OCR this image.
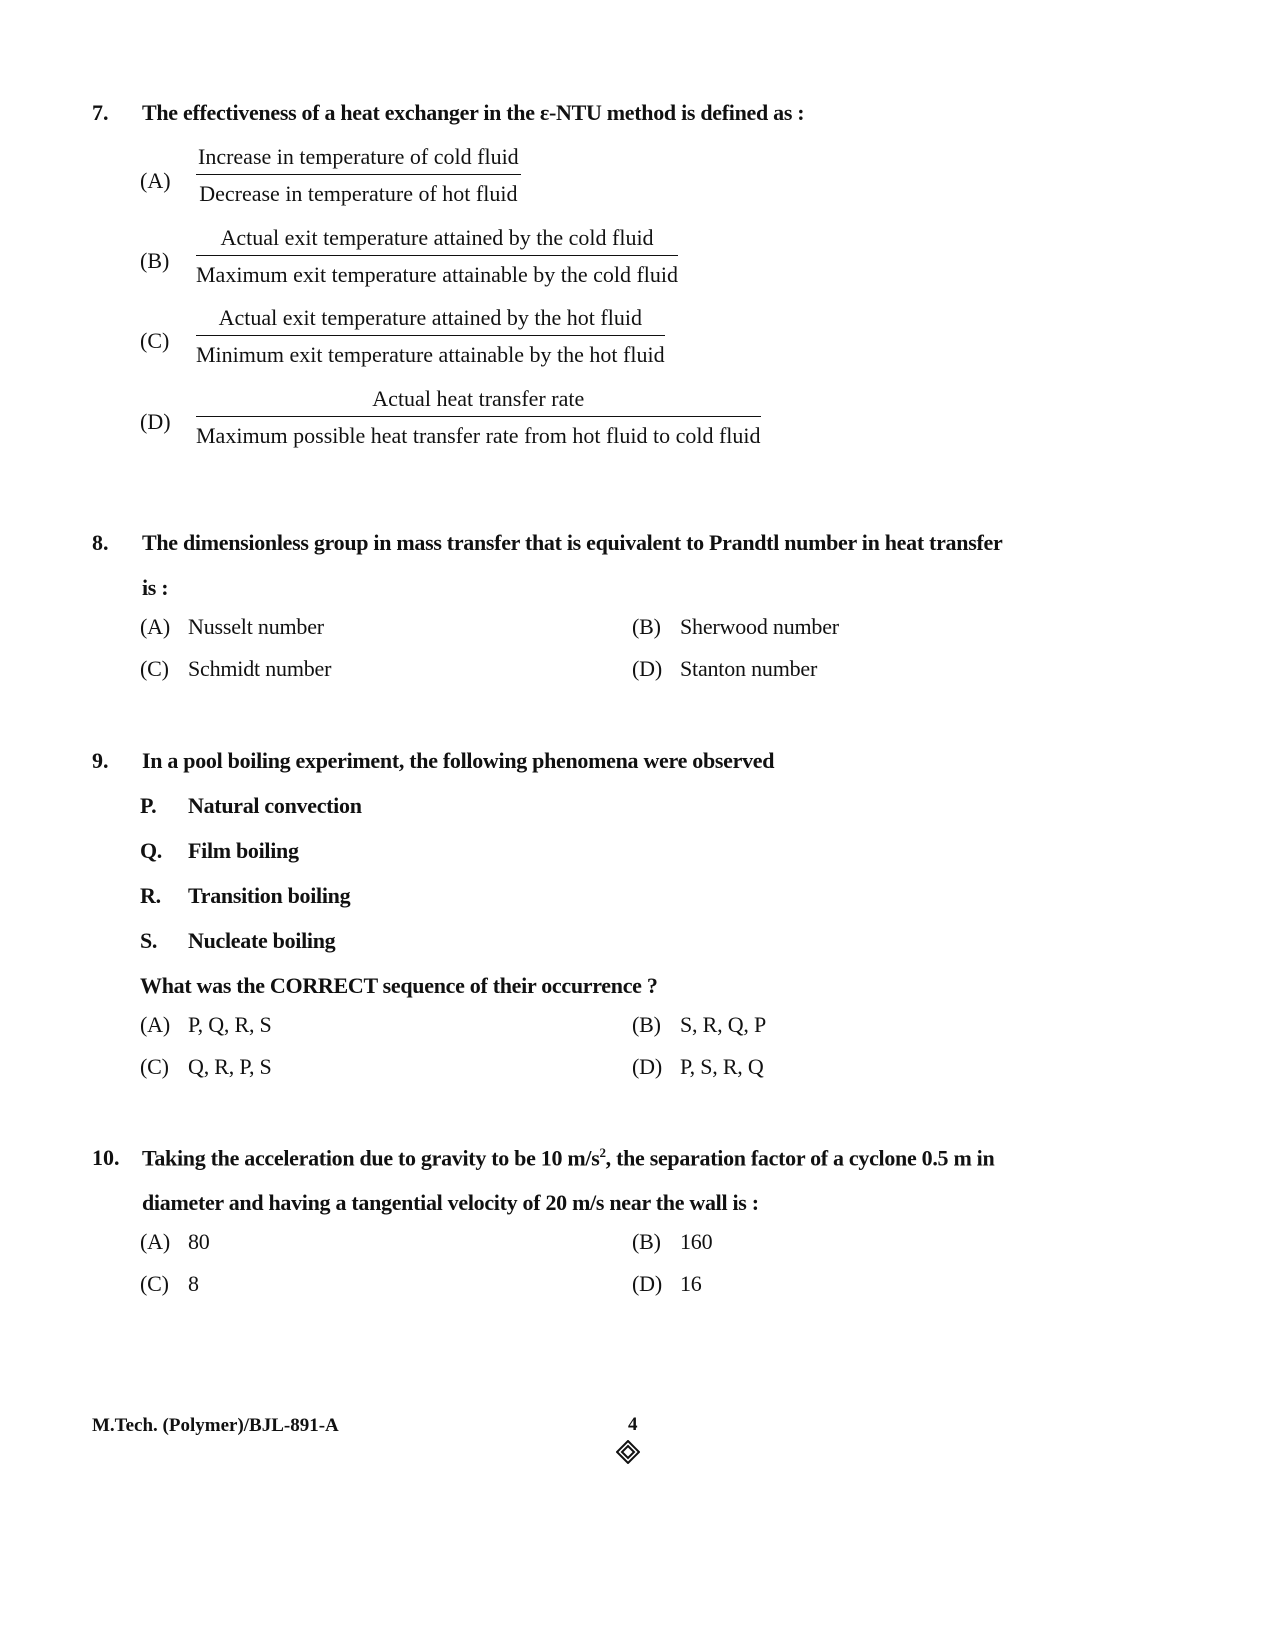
7. The effectiveness of a heat exchanger in the ε-NTU method is defined as :
(A)
Increase in temperature of cold fluid
Decrease in temperature of hot fluid
(B)
Actual exit temperature attained by the cold fluid
Maximum exit temperature attainable by the cold fluid
(C)
Actual exit temperature attained by the hot fluid
Minimum exit temperature attainable by the hot fluid
(D)
Actual heat transfer rate
Maximum possible heat transfer rate from hot fluid to cold fluid
8. The dimensionless group in mass transfer that is equivalent to Prandtl number in heat transfer
is :
(A) Nusselt number	(B) Sherwood number
(C) Schmidt number	(D) Stanton number
9. In a pool boiling experiment, the following phenomena were observed
P. Natural convection
Q. Film boiling
R. Transition boiling
S. Nucleate boiling
What was the CORRECT sequence of their occurrence ?
(A) P, Q, R, S	(B) S, R, Q, P
(C) Q, R, P, S	(D) P, S, R, Q
10. Taking the acceleration due to gravity to be 10 $m/s^2$, the separation factor of a cyclone 0.5 m in
diameter and having a tangential velocity of 20 m/s near the wall is :
(A) 80	(B) 160
(C) 8	(D) 16
M.Tech. (Polymer)/BJL-891-A	4
